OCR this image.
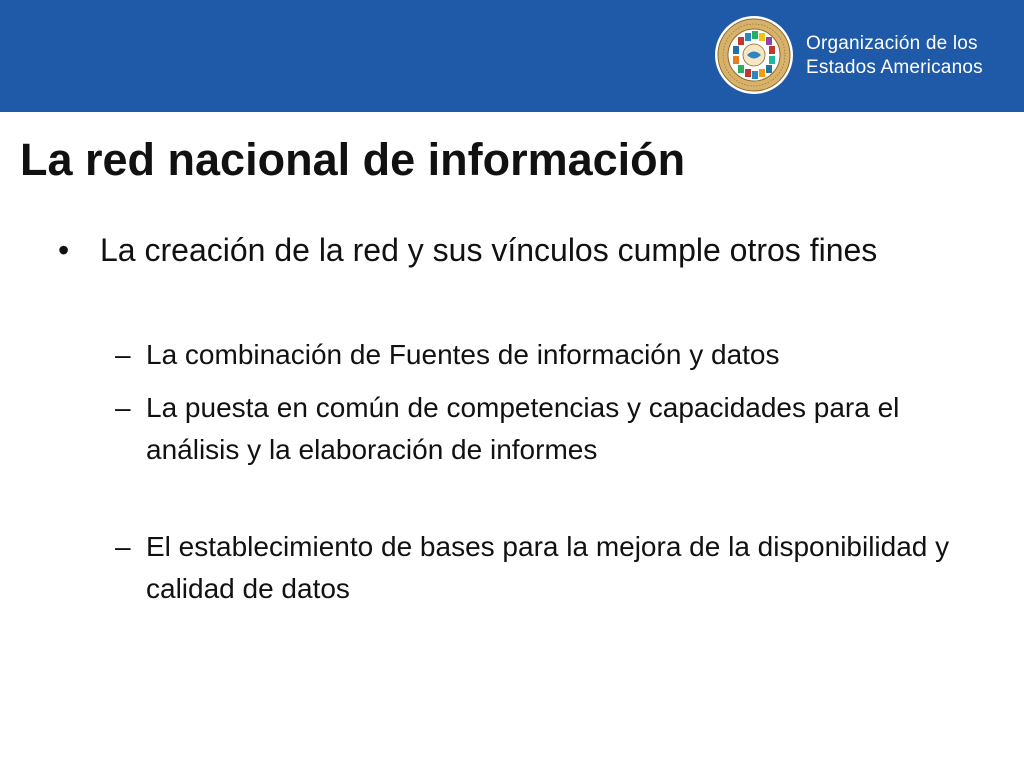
Organización de los
Estados Americanos
La red nacional de información
• La creación de la red y sus vínculos cumple otros fines
– La combinación de Fuentes de información y datos
– La puesta en común de competencias y capacidades para el análisis y la elaboración de informes
– El establecimiento de bases para la mejora de la disponibilidad y calidad de datos
